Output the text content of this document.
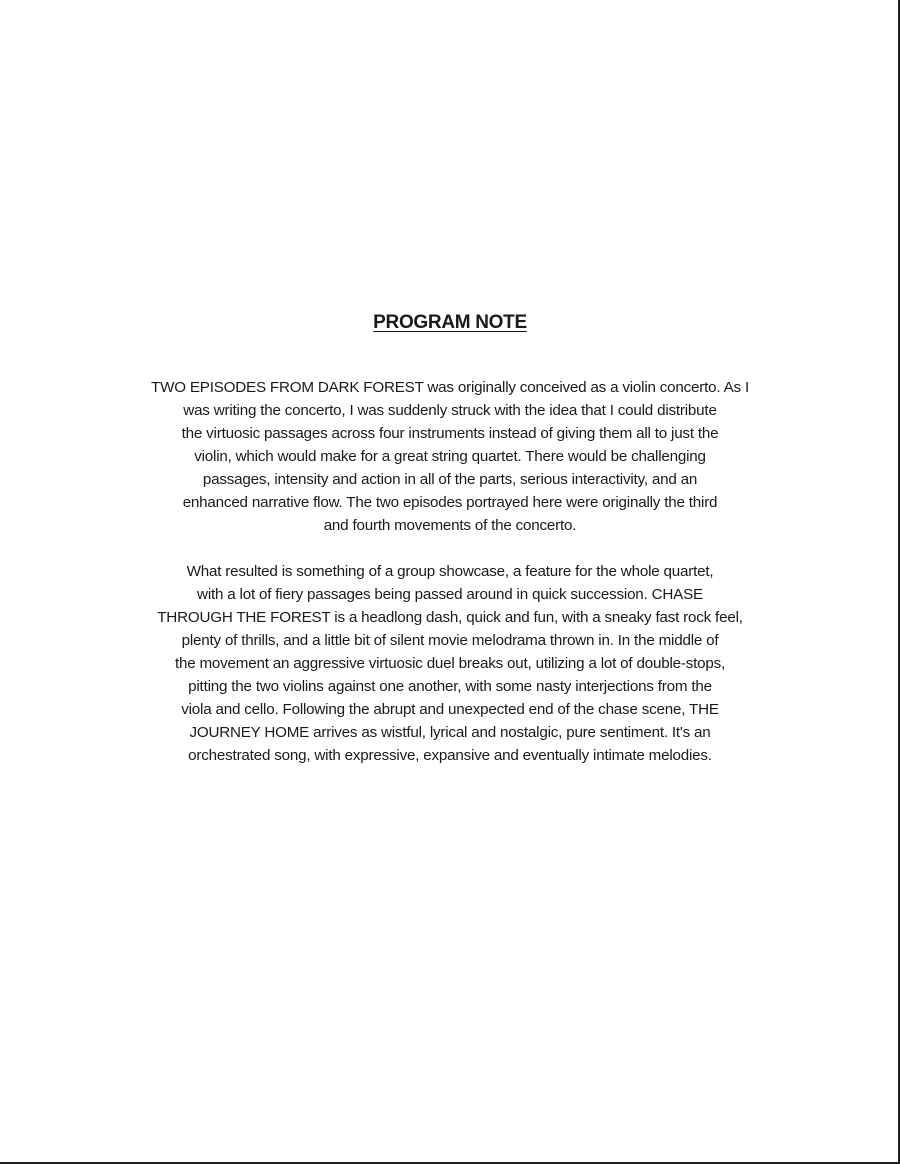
PROGRAM NOTE

TWO EPISODES FROM DARK FOREST was originally conceived as a violin concerto. As I
was writing the concerto, I was suddenly struck with the idea that I could distribute
the virtuosic passages across four instruments instead of giving them all to just the
violin, which would make for a great string quartet. There would be challenging
passages, intensity and action in all of the parts, serious interactivity, and an
enhanced narrative flow. The two episodes portrayed here were originally the third
and fourth movements of the concerto.

What resulted is something of a group showcase, a feature for the whole quartet,
with a lot of fiery passages being passed around in quick succession. CHASE
THROUGH THE FOREST is a headlong dash, quick and fun, with a sneaky fast rock feel,
plenty of thrills, and a little bit of silent movie melodrama thrown in. In the middle of
the movement an aggressive virtuosic duel breaks out, utilizing a lot of double-stops,
pitting the two violins against one another, with some nasty interjections from the
viola and cello. Following the abrupt and unexpected end of the chase scene, THE
JOURNEY HOME arrives as wistful, lyrical and nostalgic, pure sentiment. It's an
orchestrated song, with expressive, expansive and eventually intimate melodies.
